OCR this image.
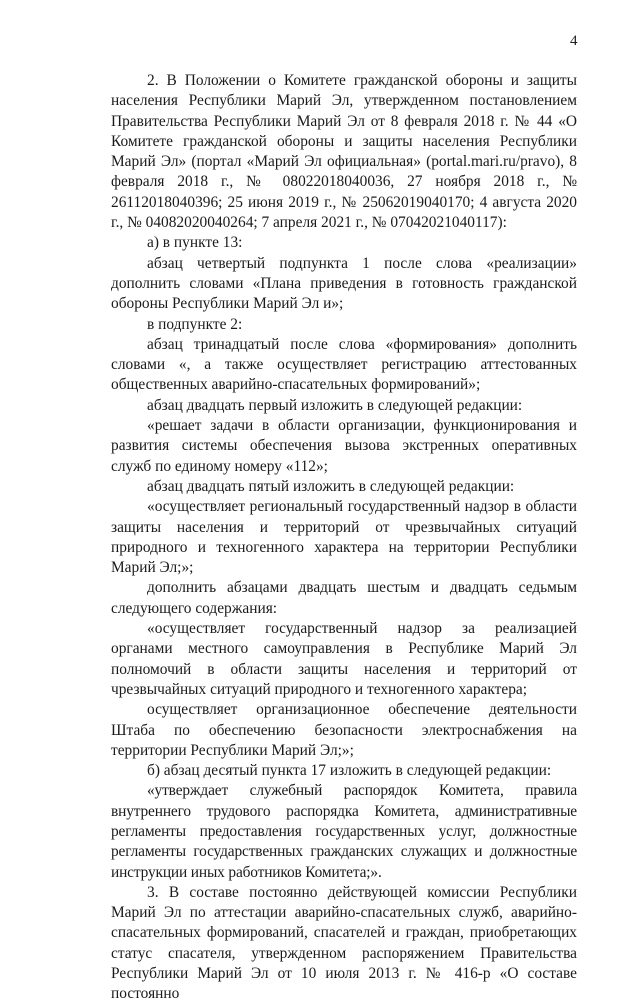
4

2. В Положении о Комитете гражданской обороны и защиты населения Республики Марий Эл, утвержденном постановлением Правительства Республики Марий Эл от 8 февраля 2018 г. № 44 «О Комитете гражданской обороны и защиты населения Республики Марий Эл» (портал «Марий Эл официальная» (portal.mari.ru/pravo), 8 февраля 2018 г., № 08022018040036, 27 ноября 2018 г., № 26112018040396; 25 июня 2019 г., № 25062019040170; 4 августа 2020 г., № 04082020040264; 7 апреля 2021 г., № 07042021040117):

а) в пункте 13:

абзац четвертый подпункта 1 после слова «реализации» дополнить словами «Плана приведения в готовность гражданской обороны Республики Марий Эл и»;

в подпункте 2:

абзац тринадцатый после слова «формирования» дополнить словами «, а также осуществляет регистрацию аттестованных общественных аварийно-спасательных формирований»;

абзац двадцать первый изложить в следующей редакции:

«решает задачи в области организации, функционирования и развития системы обеспечения вызова экстренных оперативных служб по единому номеру «112»;

абзац двадцать пятый изложить в следующей редакции:

«осуществляет региональный государственный надзор в области защиты населения и территорий от чрезвычайных ситуаций природного и техногенного характера на территории Республики Марий Эл;»;

дополнить абзацами двадцать шестым и двадцать седьмым следующего содержания:

«осуществляет государственный надзор за реализацией органами местного самоуправления в Республике Марий Эл полномочий в области защиты населения и территорий от чрезвычайных ситуаций природного и техногенного характера;

осуществляет организационное обеспечение деятельности Штаба по обеспечению безопасности электроснабжения на территории Республики Марий Эл;»;

б) абзац десятый пункта 17 изложить в следующей редакции:

«утверждает служебный распорядок Комитета, правила внутреннего трудового распорядка Комитета, административные регламенты предоставления государственных услуг, должностные регламенты государственных гражданских служащих и должностные инструкции иных работников Комитета;».

3. В составе постоянно действующей комиссии Республики Марий Эл по аттестации аварийно-спасательных служб, аварийно-спасательных формирований, спасателей и граждан, приобретающих статус спасателя, утвержденном распоряжением Правительства Республики Марий Эл от 10 июля 2013 г. № 416-р «О составе постоянно
